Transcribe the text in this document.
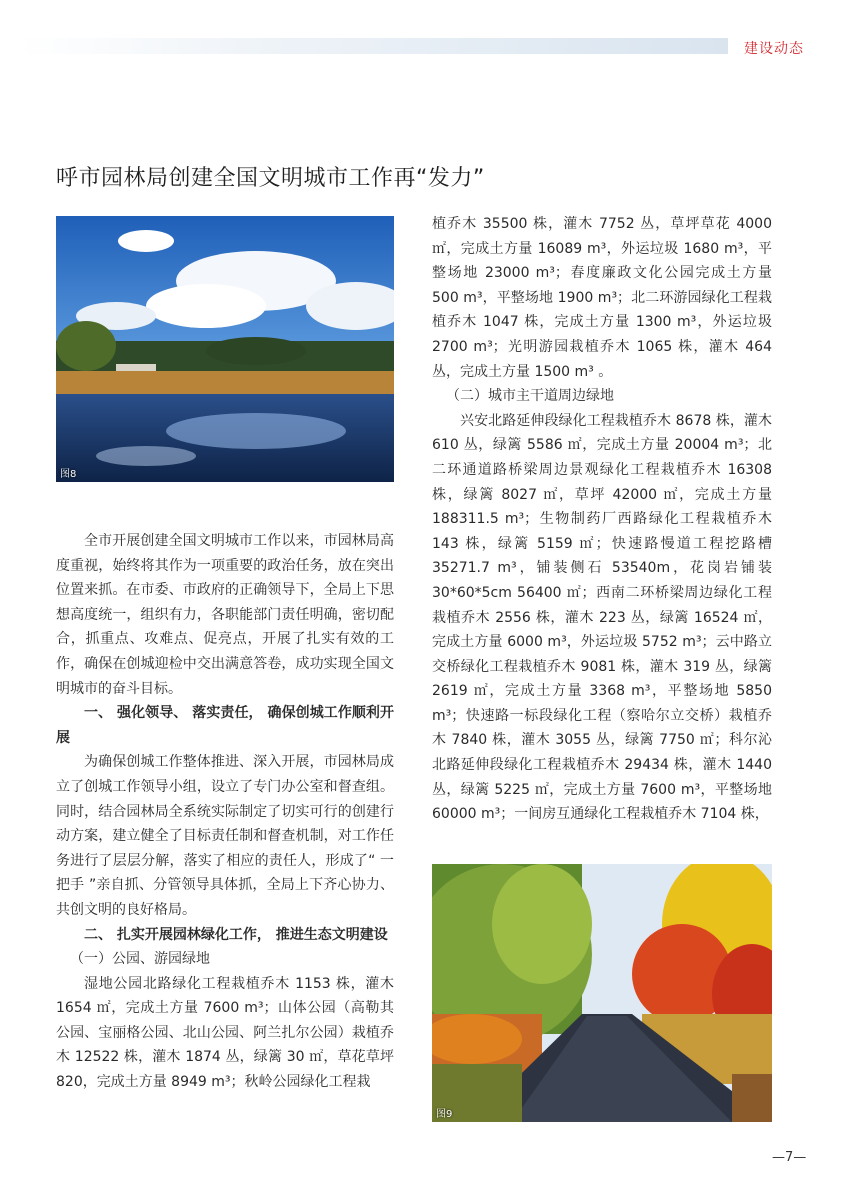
建设动态
呼市园林局创建全国文明城市工作再“发力”
图8

全市开展创建全国文明城市工作以来，市园林局高度重视，始终将其作为一项重要的政治任务，放在突出位置来抓。在市委、市政府的正确领导下，全局上下思想高度统一，组织有力，各职能部门责任明确，密切配合，抓重点、攻难点、促亮点，开展了扎实有效的工作，确保在创城迎检中交出满意答卷，成功实现全国文明城市的奋斗目标。

一、 强化领导、 落实责任， 确保创城工作顺利开展

为确保创城工作整体推进、深入开展，市园林局成立了创城工作领导小组，设立了专门办公室和督查组。同时，结合园林局全系统实际制定了切实可行的创建行动方案，建立健全了目标责任制和督查机制，对工作任务进行了层层分解，落实了相应的责任人，形成了“ 一把手 ”亲自抓、分管领导具体抓，全局上下齐心协力、共创文明的良好格局。

二、 扎实开展园林绿化工作， 推进生态文明建设

（一）公园、游园绿地

湿地公园北路绿化工程栽植乔木 1153 株，灌木 1654 ㎡，完成土方量 7600 m³；山体公园（高勒其公园、宝丽格公园、北山公园、阿兰扎尔公园）栽植乔木 12522 株，灌木 1874 丛，绿篱 30 ㎡，草花草坪 820，完成土方量 8949 m³；秋岭公园绿化工程栽

植乔木 35500 株，灌木 7752 丛，草坪草花 4000 ㎡，完成土方量 16089 m³，外运垃圾 1680 m³，平整场地 23000 m³；春度廉政文化公园完成土方量 500 m³，平整场地 1900 m³；北二环游园绿化工程栽植乔木 1047 株，完成土方量 1300 m³，外运垃圾 2700 m³；光明游园栽植乔木 1065 株，灌木 464 丛，完成土方量 1500 m³ 。

（二）城市主干道周边绿地

兴安北路延伸段绿化工程栽植乔木 8678 株，灌木 610 丛，绿篱 5586 ㎡，完成土方量 20004 m³；北二环通道路桥梁周边景观绿化工程栽植乔木 16308 株，绿篱 8027 ㎡，草坪 42000 ㎡，完成土方量 188311.5 m³；生物制药厂西路绿化工程栽植乔木 143 株，绿篱 5159 ㎡；快速路慢道工程挖路槽 35271.7 m³，铺装侧石 53540m，花岗岩铺装 30*60*5cm 56400 ㎡；西南二环桥梁周边绿化工程栽植乔木 2556 株，灌木 223 丛，绿篱 16524 ㎡，完成土方量 6000 m³，外运垃圾 5752 m³；云中路立交桥绿化工程栽植乔木 9081 株，灌木 319 丛，绿篱 2619 ㎡，完成土方量 3368 m³，平整场地 5850 m³；快速路一标段绿化工程（察哈尔立交桥）栽植乔木 7840 株，灌木 3055 丛，绿篱 7750 ㎡；科尔沁北路延伸段绿化工程栽植乔木 29434 株，灌木 1440 丛，绿篱 5225 ㎡，完成土方量 7600 m³，平整场地 60000 m³；一间房互通绿化工程栽植乔木 7104 株，

图9
—7—
